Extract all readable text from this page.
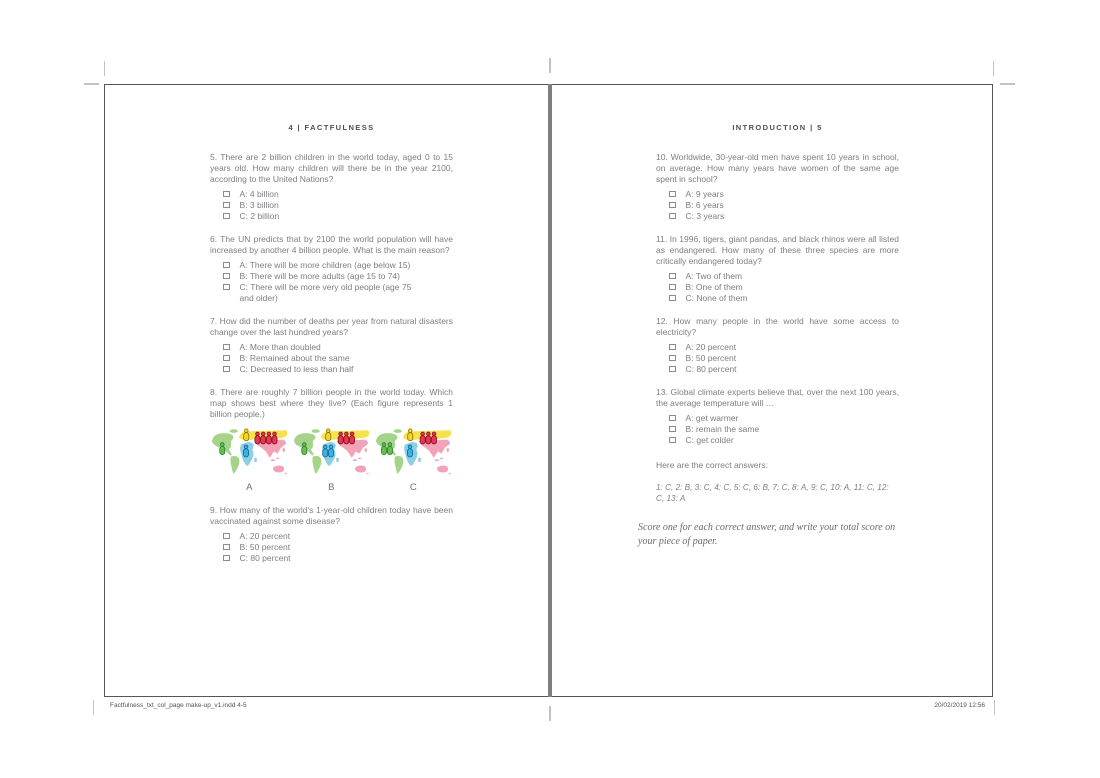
4 | FACTFULNESS

5. There are 2 billion children in the world today, aged 0 to 15 years old. How many children will there be in the year 2100, according to the United Nations?

A: 4 billion
B: 3 billion
C: 2 billion

6. The UN predicts that by 2100 the world population will have increased by another 4 billion people. What is the main reason?

A: There will be more children (age below 15)
B: There will be more adults (age 15 to 74)
C: There will be more very old people (age 75 and older)

7. How did the number of deaths per year from natural disasters change over the last hundred years?

A: More than doubled
B: Remained about the same
C: Decreased to less than half

8. There are roughly 7 billion people in the world today. Which map shows best where they live? (Each figure represents 1 billion people.)

A	B	C

9. How many of the world's 1-year-old children today have been vaccinated against some disease?

A: 20 percent
B: 50 percent
C: 80 percent
INTRODUCTION | 5

10. Worldwide, 30-year-old men have spent 10 years in school, on average. How many years have women of the same age spent in school?

A: 9 years
B: 6 years
C: 3 years

11. In 1996, tigers, giant pandas, and black rhinos were all listed as endangered. How many of these three species are more critically endangered today?

A: Two of them
B: One of them
C: None of them

12. How many people in the world have some access to electricity?

A: 20 percent
B: 50 percent
C: 80 percent

13. Global climate experts believe that, over the next 100 years, the average temperature will …

A: get warmer
B: remain the same
C: get colder

Here are the correct answers:

1: C, 2: B, 3: C, 4: C, 5: C, 6: B, 7: C, 8: A, 9: C, 10: A, 11: C, 12: C, 13: A

Score one for each correct answer, and write your total score on your piece of paper.

Factfulness_txt_col_page make-up_v1.indd 4-5	20/02/2019 12:56
